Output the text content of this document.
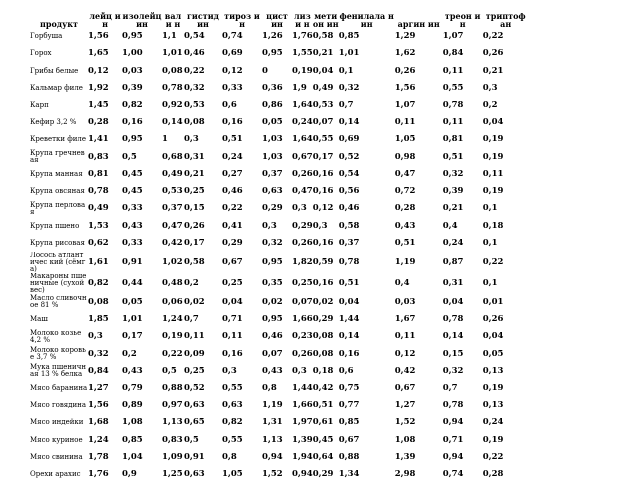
продукт	лейц ин	изолейц ин	вали н	гистид ин	тирoз ин	цист ин	лизи н	метион ин	фенилала нин	аргин ин	треон ин	триптоф ан
Горбуша	1,56	0,95	1,1	0,54	0,74	1,26	1,76	0,58	0,85	1,29	1,07	0,22
Горох	1,65	1,00	1,01	0,46	0,69	0,95	1,55	0,21	1,01	1,62	0,84	0,26
Грибы белые	0,12	0,03	0,08	0,22	0,12	0	0,19	0,04	0,1	0,26	0,11	0,21
Кальмар филе	1,92	0,39	0,78	0,32	0,33	0,36	1,9	0,49	0,32	1,56	0,55	0,3
Карп	1,45	0,82	0,92	0,53	0,6	0,86	1,64	0,53	0,7	1,07	0,78	0,2
Кефир 3,2 %	0,28	0,16	0,14	0,08	0,16	0,05	0,24	0,07	0,14	0,11	0,11	0,04
Креветки филе	1,41	0,95	1	0,3	0,51	1,03	1,64	0,55	0,69	1,05	0,81	0,19
Крупа гречневая	0,83	0,5	0,68	0,31	0,24	1,03	0,67	0,17	0,52	0,98	0,51	0,19
Крупа манная	0,81	0,45	0,49	0,21	0,27	0,37	0,26	0,16	0,54	0,47	0,32	0,11
Крупа овсяная	0,78	0,45	0,53	0,25	0,46	0,63	0,47	0,16	0,56	0,72	0,39	0,19
Крупа перловая	0,49	0,33	0,37	0,15	0,22	0,29	0,3	0,12	0,46	0,28	0,21	0,1
Крупа пшено	1,53	0,43	0,47	0,26	0,41	0,3	0,29	0,3	0,58	0,43	0,4	0,18
Крупа рисовая	0,62	0,33	0,42	0,17	0,29	0,32	0,26	0,16	0,37	0,51	0,24	0,1
Лосось атлантичес кий (сёмга)	1,61	0,91	1,02	0,58	0,67	0,95	1,82	0,59	0,78	1,19	0,87	0,22
Макароны пшеничные (сухой вес)	0,82	0,44	0,48	0,2	0,25	0,35	0,25	0,16	0,51	0,4	0,31	0,1
Масло сливочное 81 %	0,08	0,05	0,06	0,02	0,04	0,02	0,07	0,02	0,04	0,03	0,04	0,01
Маш	1,85	1,01	1,24	0,7	0,71	0,95	1,66	0,29	1,44	1,67	0,78	0,26
Молоко козье 4,2 %	0,3	0,17	0,19	0,11	0,11	0,46	0,23	0,08	0,14	0,11	0,14	0,04
Молоко коровье 3,7 %	0,32	0,2	0,22	0,09	0,16	0,07	0,26	0,08	0,16	0,12	0,15	0,05
Мука пшеничная 13 % белка	0,84	0,43	0,5	0,25	0,3	0,43	0,3	0,18	0,6	0,42	0,32	0,13
Мясо баранина	1,27	0,79	0,88	0,52	0,55	0,8	1,44	0,42	0,75	0,67	0,7	0,19
Мясо говядина	1,56	0,89	0,97	0,63	0,63	1,19	1,66	0,51	0,77	1,27	0,78	0,13
Мясо индейки	1,68	1,08	1,13	0,65	0,82	1,31	1,97	0,61	0,85	1,52	0,94	0,24
Мясо куриное	1,24	0,85	0,83	0,5	0,55	1,13	1,39	0,45	0,67	1,08	0,71	0,19
Мясо свинина	1,78	1,04	1,09	0,91	0,8	0,94	1,94	0,64	0,88	1,39	0,94	0,22
Орехи арахис	1,76	0,9	1,25	0,63	1,05	1,52	0,94	0,29	1,34	2,98	0,74	0,28
